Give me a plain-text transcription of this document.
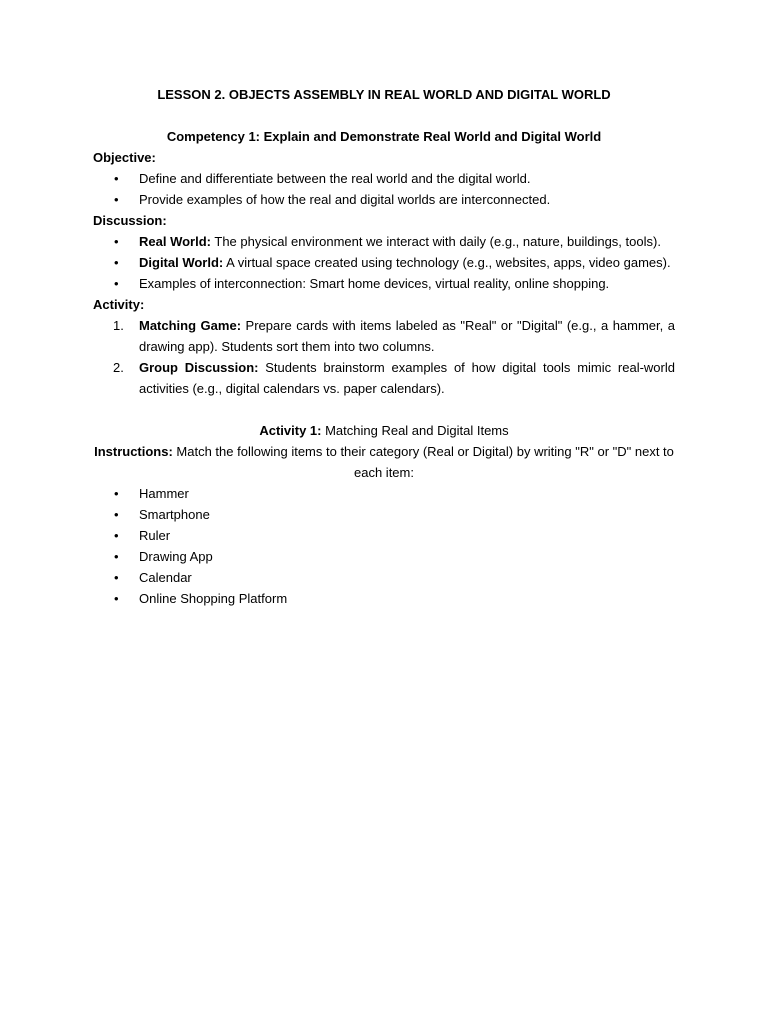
LESSON 2. OBJECTS ASSEMBLY IN REAL WORLD AND DIGITAL WORLD
Competency 1: Explain and Demonstrate Real World and Digital World
Objective:
• Define and differentiate between the real world and the digital world.
• Provide examples of how the real and digital worlds are interconnected.
Discussion:
• Real World: The physical environment we interact with daily (e.g., nature, buildings, tools).
• Digital World: A virtual space created using technology (e.g., websites, apps, video games).
• Examples of interconnection: Smart home devices, virtual reality, online shopping.
Activity:
1. Matching Game: Prepare cards with items labeled as "Real" or "Digital" (e.g., a hammer, a drawing app). Students sort them into two columns.
2. Group Discussion: Students brainstorm examples of how digital tools mimic real-world activities (e.g., digital calendars vs. paper calendars).
Activity 1: Matching Real and Digital Items
Instructions: Match the following items to their category (Real or Digital) by writing "R" or "D" next to each item:
• Hammer
• Smartphone
• Ruler
• Drawing App
• Calendar
• Online Shopping Platform
